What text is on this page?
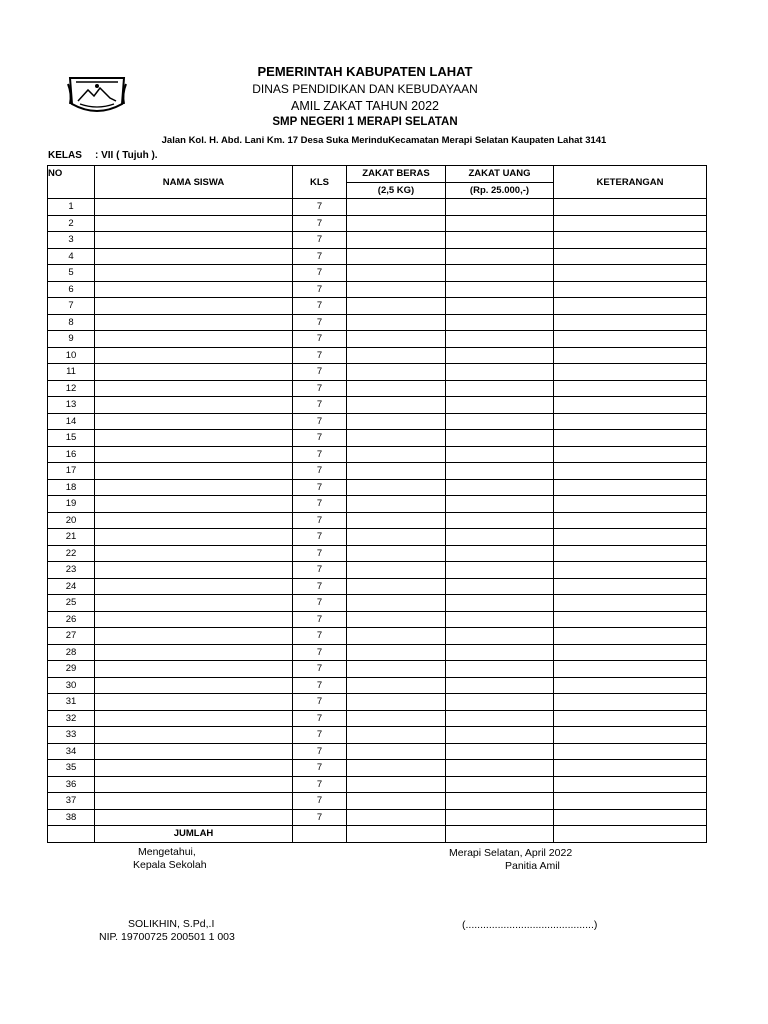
PEMERINTAH KABUPATEN LAHAT
DINAS PENDIDIKAN DAN KEBUDAYAAN
AMIL ZAKAT TAHUN 2022
SMP NEGERI 1 MERAPI SELATAN
Jalan Kol. H. Abd. Lani Km. 17 Desa Suka MerinduKecamatan Merapi Selatan Kaupaten Lahat 3141
KELAS : VII ( Tujuh ).
NO	NAMA SISWA	KLS	ZAKAT BERAS	ZAKAT UANG	KETERANGAN
			(2,5 KG)	(Rp. 25.000,-)	
1		7			
2		7			
3		7			
4		7			
5		7			
6		7			
7		7			
8		7			
9		7			
10		7			
11		7			
12		7			
13		7			
14		7			
15		7			
16		7			
17		7			
18		7			
19		7			
20		7			
21		7			
22		7			
23		7			
24		7			
25		7			
26		7			
27		7			
28		7			
29		7			
30		7			
31		7			
32		7			
33		7			
34		7			
35		7			
36		7			
37		7			
38		7			
	JUMLAH				
Mengetahui,
Kepala Sekolah
Merapi Selatan, April 2022
Panitia Amil
SOLIKHIN, S.Pd,.I
NIP. 19700725 200501 1 003
(............................................)
